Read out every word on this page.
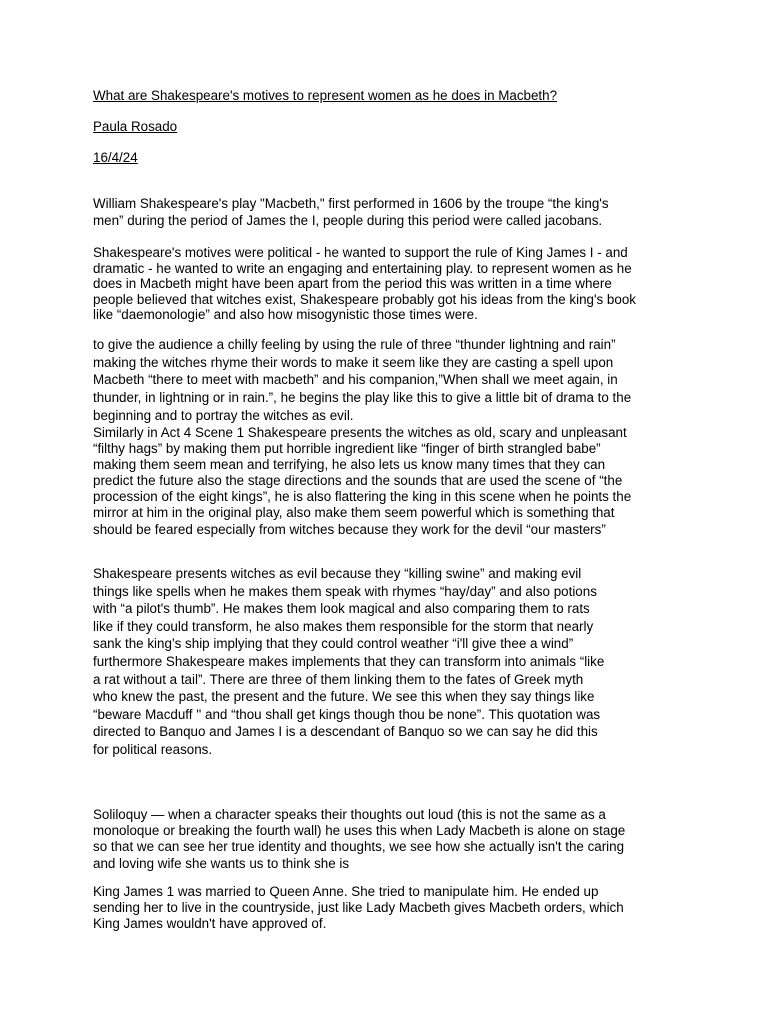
What are Shakespeare's motives to represent women as he does in Macbeth?
Paula Rosado
16/4/24
William Shakespeare's play "Macbeth," first performed in 1606 by the troupe “the king's
men” during the period of James the I, people during this period were called jacobans.
Shakespeare's motives were political - he wanted to support the rule of King James I - and
dramatic - he wanted to write an engaging and entertaining play. to represent women as he
does in Macbeth might have been apart from the period this was written in a time where
people believed that witches exist, Shakespeare probably got his ideas from the king's book
like “daemonologie” and also how misogynistic those times were.
to give the audience a chilly feeling by using the rule of three “thunder lightning and rain”
making the witches rhyme their words to make it seem like they are casting a spell upon
Macbeth “there to meet with macbeth” and his companion,”When shall we meet again, in
thunder, in lightning or in rain.”, he begins the play like this to give a little bit of drama to the
beginning and to portray the witches as evil.
Similarly in Act 4 Scene 1 Shakespeare presents the witches as old, scary and unpleasant
“filthy hags” by making them put horrible ingredient like “finger of birth strangled babe”
making them seem mean and terrifying, he also lets us know many times that they can
predict the future also the stage directions and the sounds that are used the scene of “the
procession of the eight kings”, he is also flattering the king in this scene when he points the
mirror at him in the original play, also make them seem powerful which is something that
should be feared especially from witches because they work for the devil “our masters”
Shakespeare presents witches as evil because they “killing swine” and making evil
things like spells when he makes them speak with rhymes “hay/day” and also potions
with “a pilot's thumb”. He makes them look magical and also comparing them to rats
like if they could transform, he also makes them responsible for the storm that nearly
sank the king’s ship implying that they could control weather “i'll give thee a wind”
furthermore Shakespeare makes implements that they can transform into animals “like
a rat without a tail”. There are three of them linking them to the fates of Greek myth
who knew the past, the present and the future. We see this when they say things like
“beware Macduff '' and “thou shall get kings though thou be none”. This quotation was
directed to Banquo and James I is a descendant of Banquo so we can say he did this
for political reasons.
Soliloquy — when a character speaks their thoughts out loud (this is not the same as a
monoloque or breaking the fourth wall) he uses this when Lady Macbeth is alone on stage
so that we can see her true identity and thoughts, we see how she actually isn't the caring
and loving wife she wants us to think she is
King James 1 was married to Queen Anne. She tried to manipulate him. He ended up
sending her to live in the countryside, just like Lady Macbeth gives Macbeth orders, which
King James wouldn't have approved of.
